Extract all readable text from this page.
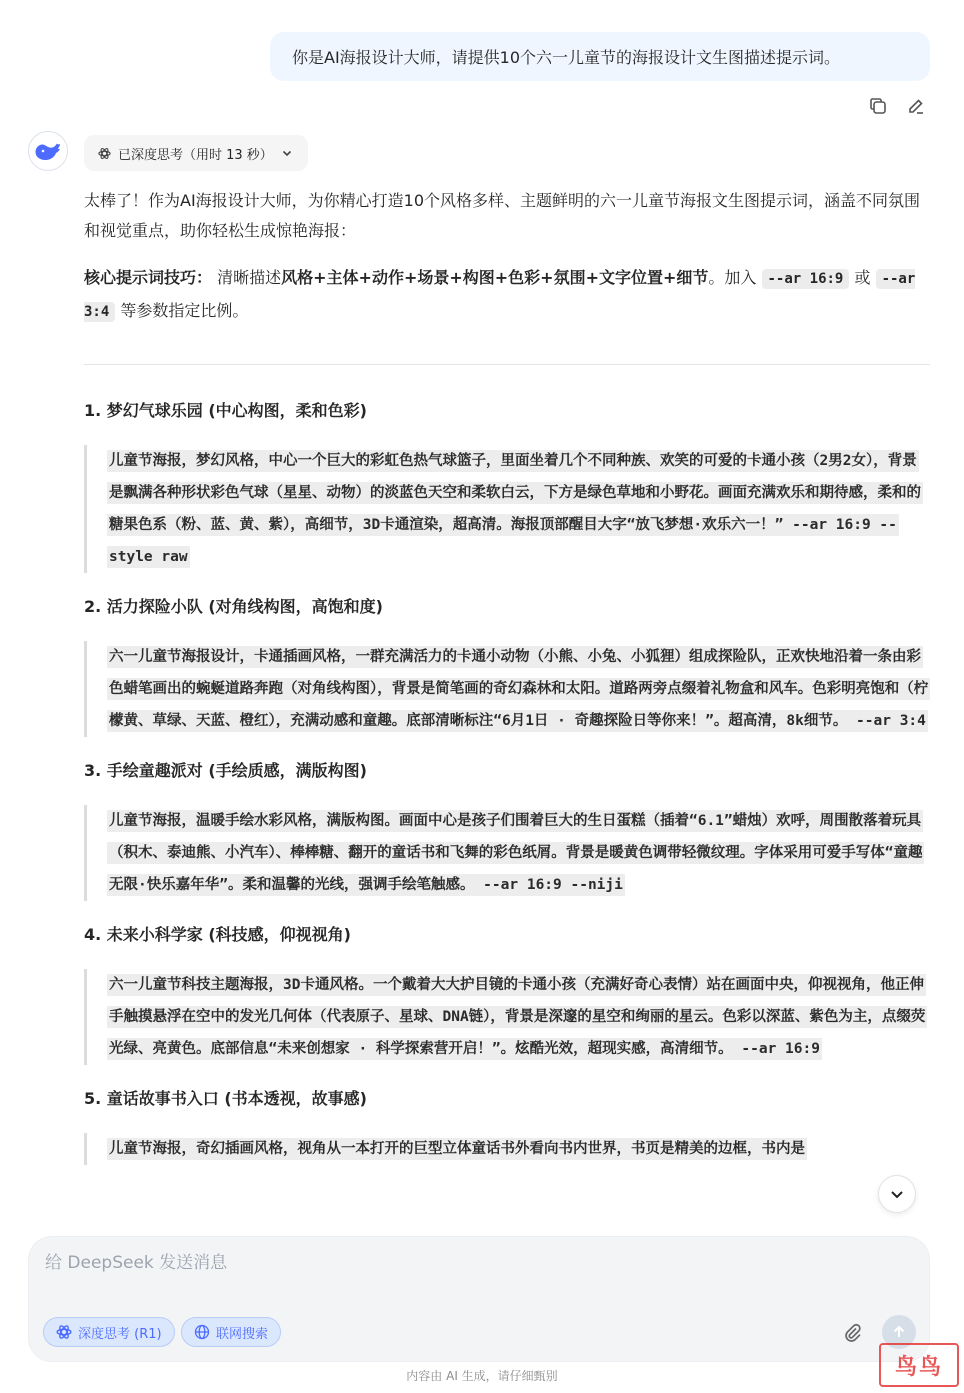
你是AI海报设计大师，请提供10个六一儿童节的海报设计文生图描述提示词。
已深度思考（用时 13 秒）

太棒了！作为AI海报设计大师，为你精心打造10个风格多样、主题鲜明的六一儿童节海报文生图提示词，涵盖不同氛围和视觉重点，助你轻松生成惊艳海报：

核心提示词技巧： 清晰描述风格+主体+动作+场景+构图+色彩+氛围+文字位置+细节。加入 --ar 16:9 或 --ar 3:4 等参数指定比例。

1. 梦幻气球乐园 (中心构图，柔和色彩)
儿童节海报，梦幻风格，中心一个巨大的彩虹色热气球篮子，里面坐着几个不同种族、欢笑的可爱的卡通小孩（2男2女），背景是飘满各种形状彩色气球（星星、动物）的淡蓝色天空和柔软白云，下方是绿色草地和小野花。画面充满欢乐和期待感，柔和的糖果色系（粉、蓝、黄、紫），高细节，3D卡通渲染，超高清。海报顶部醒目大字“放飞梦想·欢乐六一！” --ar 16:9 --style raw
2. 活力探险小队 (对角线构图，高饱和度)
六一儿童节海报设计，卡通插画风格，一群充满活力的卡通小动物（小熊、小兔、小狐狸）组成探险队，正欢快地沿着一条由彩色蜡笔画出的蜿蜒道路奔跑（对角线构图），背景是简笔画的奇幻森林和太阳。道路两旁点缀着礼物盒和风车。色彩明亮饱和（柠檬黄、草绿、天蓝、橙红），充满动感和童趣。底部清晰标注“6月1日 · 奇趣探险日等你来！”。超高清，8k细节。 --ar 3:4
3. 手绘童趣派对 (手绘质感，满版构图)
儿童节海报，温暖手绘水彩风格，满版构图。画面中心是孩子们围着巨大的生日蛋糕（插着“6.1”蜡烛）欢呼，周围散落着玩具（积木、泰迪熊、小汽车）、棒棒糖、翻开的童话书和飞舞的彩色纸屑。背景是暖黄色调带轻微纹理。字体采用可爱手写体“童趣无限·快乐嘉年华”。柔和温馨的光线，强调手绘笔触感。 --ar 16:9 --niji
4. 未来小科学家 (科技感，仰视视角)
六一儿童节科技主题海报，3D卡通风格。一个戴着大大护目镜的卡通小孩（充满好奇心表情）站在画面中央，仰视视角，他正伸手触摸悬浮在空中的发光几何体（代表原子、星球、DNA链），背景是深邃的星空和绚丽的星云。色彩以深蓝、紫色为主，点缀荧光绿、亮黄色。底部信息“未来创想家 · 科学探索营开启！”。炫酷光效，超现实感，高清细节。 --ar 16:9
5. 童话故事书入口 (书本透视，故事感)
儿童节海报，奇幻插画风格，视角从一本打开的巨型立体童话书外看向书内世界，书页是精美的边框，书内是
给 DeepSeek 发送消息
深度思考 (R1)	联网搜索
内容由 AI 生成，请仔细甄别	鸟鸟
